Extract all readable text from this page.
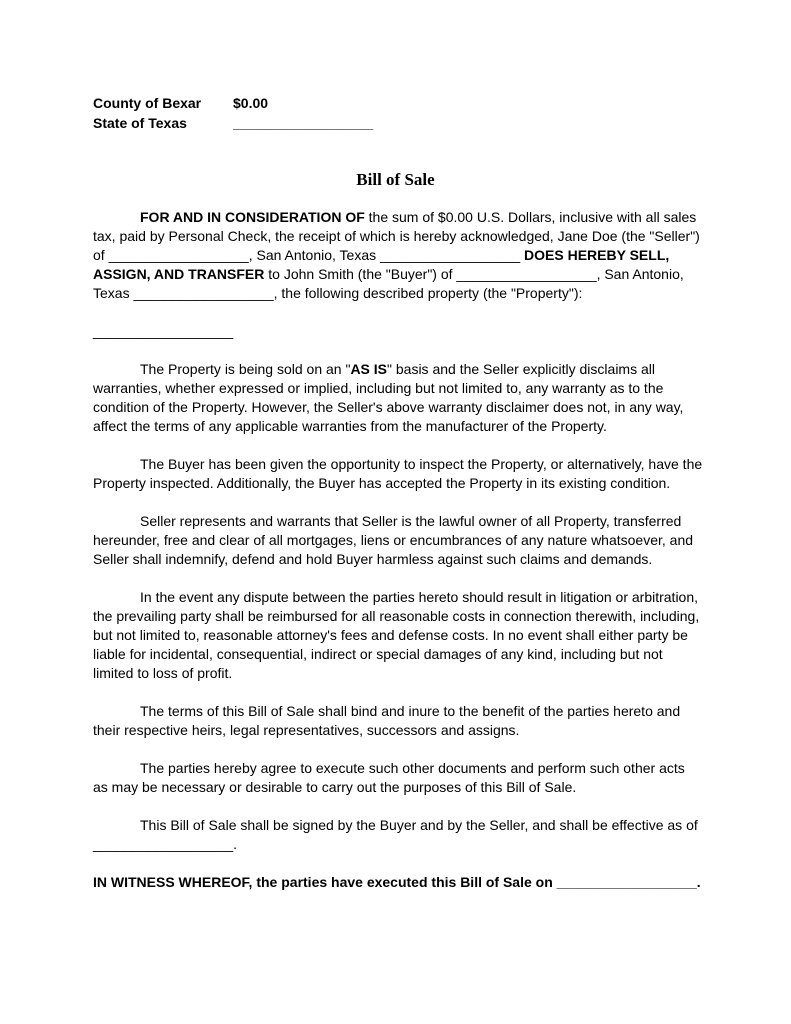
County of Bexar	$0.00
State of Texas	__________________
Bill of Sale

FOR AND IN CONSIDERATION OF the sum of $0.00 U.S. Dollars, inclusive with all sales tax, paid by Personal Check, the receipt of which is hereby acknowledged, Jane Doe (the "Seller") of __________________, San Antonio, Texas __________________ DOES HEREBY SELL, ASSIGN, AND TRANSFER to John Smith (the "Buyer") of __________________, San Antonio, Texas __________________, the following described property (the "Property"):

__________________

The Property is being sold on an "AS IS" basis and the Seller explicitly disclaims all warranties, whether expressed or implied, including but not limited to, any warranty as to the condition of the Property. However, the Seller's above warranty disclaimer does not, in any way, affect the terms of any applicable warranties from the manufacturer of the Property.

The Buyer has been given the opportunity to inspect the Property, or alternatively, have the Property inspected. Additionally, the Buyer has accepted the Property in its existing condition.

Seller represents and warrants that Seller is the lawful owner of all Property, transferred hereunder, free and clear of all mortgages, liens or encumbrances of any nature whatsoever, and Seller shall indemnify, defend and hold Buyer harmless against such claims and demands.

In the event any dispute between the parties hereto should result in litigation or arbitration, the prevailing party shall be reimbursed for all reasonable costs in connection therewith, including, but not limited to, reasonable attorney's fees and defense costs. In no event shall either party be liable for incidental, consequential, indirect or special damages of any kind, including but not limited to loss of profit.

The terms of this Bill of Sale shall bind and inure to the benefit of the parties hereto and their respective heirs, legal representatives, successors and assigns.

The parties hereby agree to execute such other documents and perform such other acts as may be necessary or desirable to carry out the purposes of this Bill of Sale.

This Bill of Sale shall be signed by the Buyer and by the Seller, and shall be effective as of __________________.

IN WITNESS WHEREOF, the parties have executed this Bill of Sale on __________________.
